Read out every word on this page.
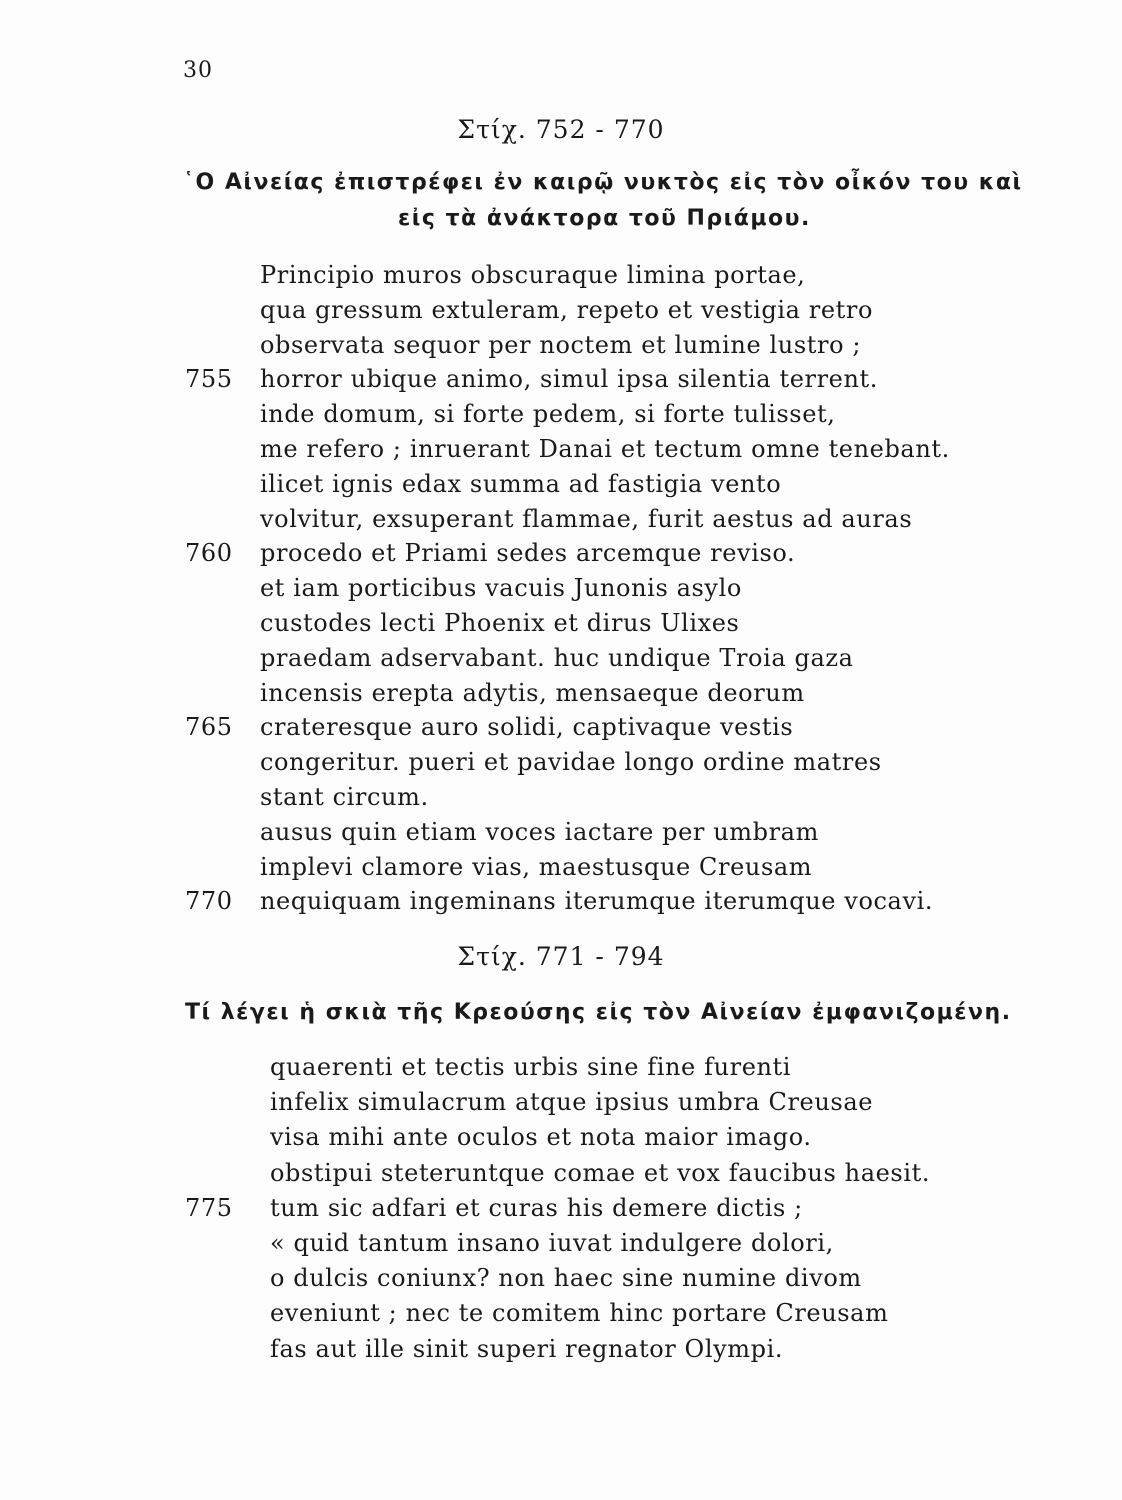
30
Στίχ. 752 - 770
῾Ο Αἰνείας ἐπιστρέφει ἐν καιρῷ νυκτὸς εἰς τὸν οἶκόν του καὶ
εἰς τὰ ἀνάκτορα τοῦ Πριάμου.
Principio muros obscuraque limina portae,
qua gressum extuleram, repeto et vestigia retro
observata sequor per noctem et lumine lustro ;
755	horror ubique animo, simul ipsa silentia terrent.
inde domum, si forte pedem, si forte tulisset,
me refero ; inruerant Danai et tectum omne tenebant.
ilicet ignis edax summa ad fastigia vento
volvitur, exsuperant flammae, furit aestus ad auras
760	procedo et Priami sedes arcemque reviso.
et iam porticibus vacuis Junonis asylo
custodes lecti Phoenix et dirus Ulixes
praedam adservabant. huc undique Troia gaza
incensis erepta adytis, mensaeque deorum
765	crateresque auro solidi, captivaque vestis
congeritur. pueri et pavidae longo ordine matres
stant circum.
ausus quin etiam voces iactare per umbram
implevi clamore vias, maestusque Creusam
770	nequiquam ingeminans iterumque iterumque vocavi.
Στίχ. 771 - 794
Τί λέγει ἡ σκιὰ τῆς Κρεούσης εἰς τὸν Αἰνείαν ἐμφανιζομένη.
quaerenti et tectis urbis sine fine furenti
infelix simulacrum atque ipsius umbra Creusae
visa mihi ante oculos et nota maior imago.
obstipui steteruntque comae et vox faucibus haesit.
775	tum sic adfari et curas his demere dictis ;
« quid tantum insano iuvat indulgere dolori,
o dulcis coniunx? non haec sine numine divom
eveniunt ; nec te comitem hinc portare Creusam
fas aut ille sinit superi regnator Olympi.
